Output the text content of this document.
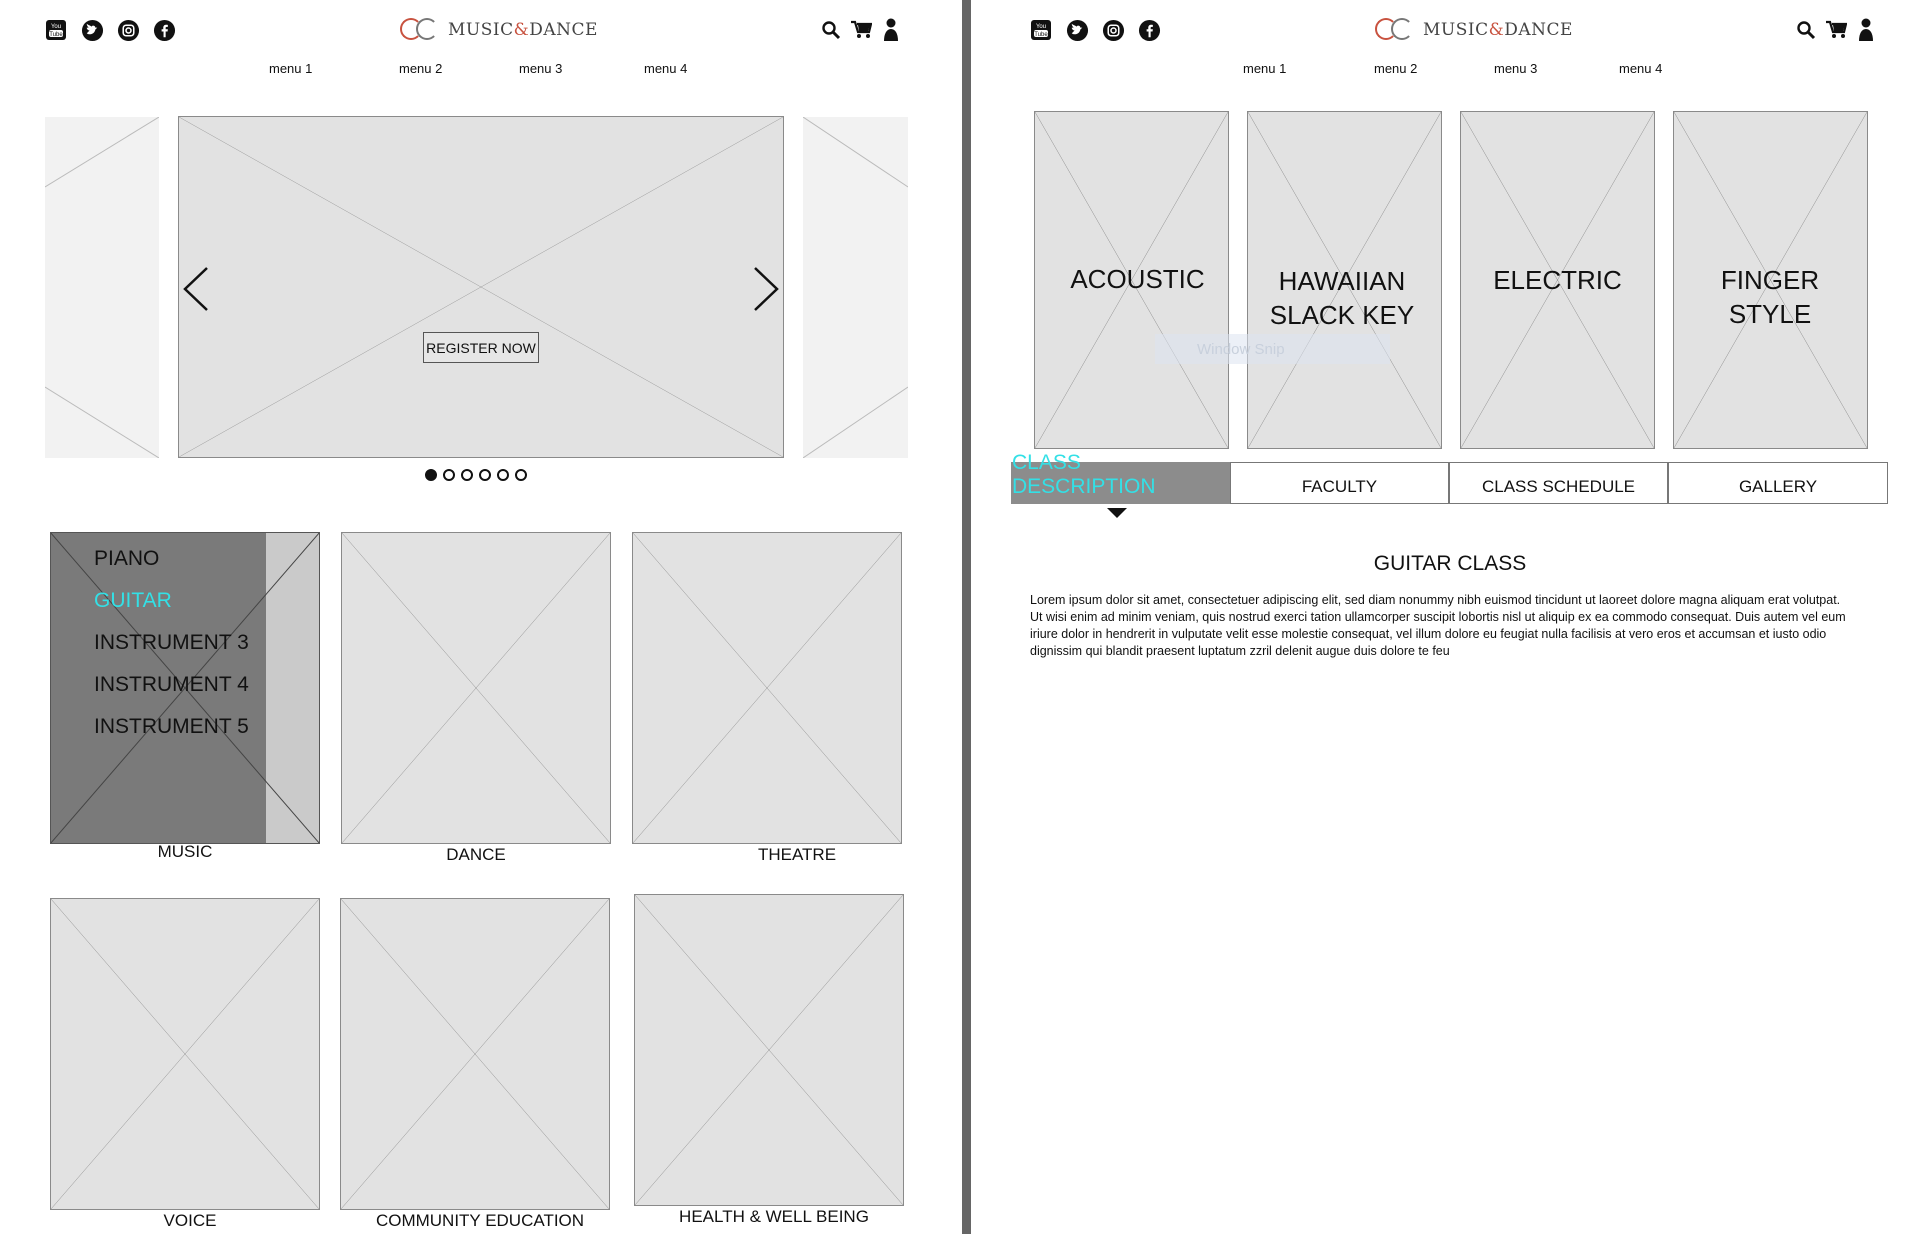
You
Tube	MUSIC&DANCE
menu 1	menu 2	menu 3	menu 4
REGISTER NOW
PIANO
GUITAR
INSTRUMENT 3
INSTRUMENT 4
INSTRUMENT 5
MUSIC	DANCE	THEATRE
VOICE	COMMUNITY EDUCATION	HEALTH & WELL BEING
You
Tube	MUSIC&DANCE
menu 1	menu 2	menu 3	menu 4
ACOUSTIC	HAWAIIAN SLACK KEY
ELECTRIC	FINGER STYLE
Window Snip
CLASS DESCRIPTION	FACULTY	CLASS SCHEDULE	GALLERY
GUITAR CLASS
Lorem ipsum dolor sit amet, consectetuer adipiscing elit, sed diam nonummy nibh euismod tincidunt ut laoreet dolore magna aliquam erat volutpat. Ut wisi enim ad minim veniam, quis nostrud exerci tation ullamcorper suscipit lobortis nisl ut aliquip ex ea commodo consequat. Duis autem vel eum iriure dolor in hendrerit in vulputate velit esse molestie consequat, vel illum dolore eu feugiat nulla facilisis at vero eros et accumsan et iusto odio dignissim qui blandit praesent luptatum zzril delenit augue duis dolore te feu
